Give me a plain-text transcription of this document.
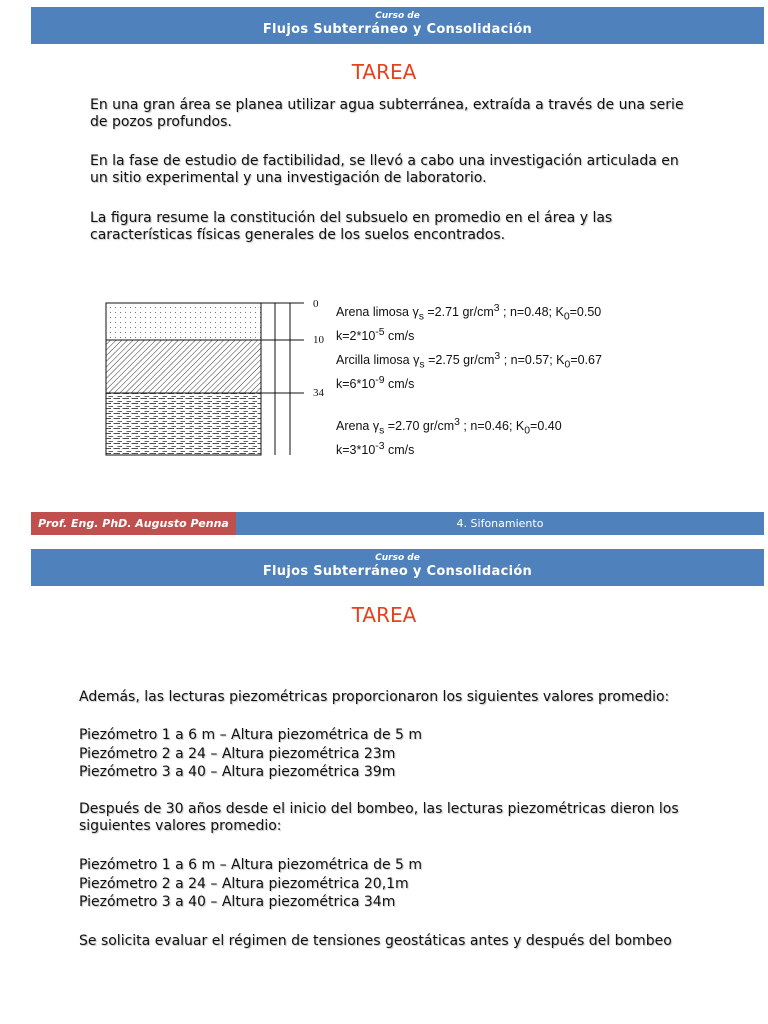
Curso de
Flujos Subterráneo y Consolidación
TAREA

En una gran área se planea utilizar agua subterránea, extraída a través de una serie de pozos profundos.

En la fase de estudio de factibilidad, se llevó a cabo una investigación articulada en un sitio experimental y una investigación de laboratorio.

La figura resume la constitución del subsuelo en promedio en el área y las características físicas generales de los suelos encontrados.

0
10
34
Arena limosa $\gamma_s =2.71$ $gr/cm^3$ ; n=0.48; $K_0=0.50$
$k=2*10^{-5}$ cm/s
Arcilla limosa $\gamma_s =2.75$ $gr/cm^3$ ; n=0.57; $K_0=0.67$
$k=6*10^{-9}$ cm/s
Arena $\gamma_s =2.70$ $gr/cm^3$ ; n=0.46; $K_0=0.40$
$k=3*10^{-3}$ cm/s
Prof. Eng. PhD. Augusto Penna	4. Sifonamiento
Curso de
Flujos Subterráneo y Consolidación
TAREA

Además, las lecturas piezométricas proporcionaron los siguientes valores promedio:

Piezómetro 1 a 6 m – Altura piezométrica de 5 m
Piezómetro 2 a 24 – Altura piezométrica 23m
Piezómetro 3 a 40 – Altura piezométrica 39m

Después de 30 años desde el inicio del bombeo, las lecturas piezométricas dieron los siguientes valores promedio:

Piezómetro 1 a 6 m – Altura piezométrica de 5 m
Piezómetro 2 a 24 – Altura piezométrica 20,1m
Piezómetro 3 a 40 – Altura piezométrica 34m

Se solicita evaluar el régimen de tensiones geostáticas antes y después del bombeo
